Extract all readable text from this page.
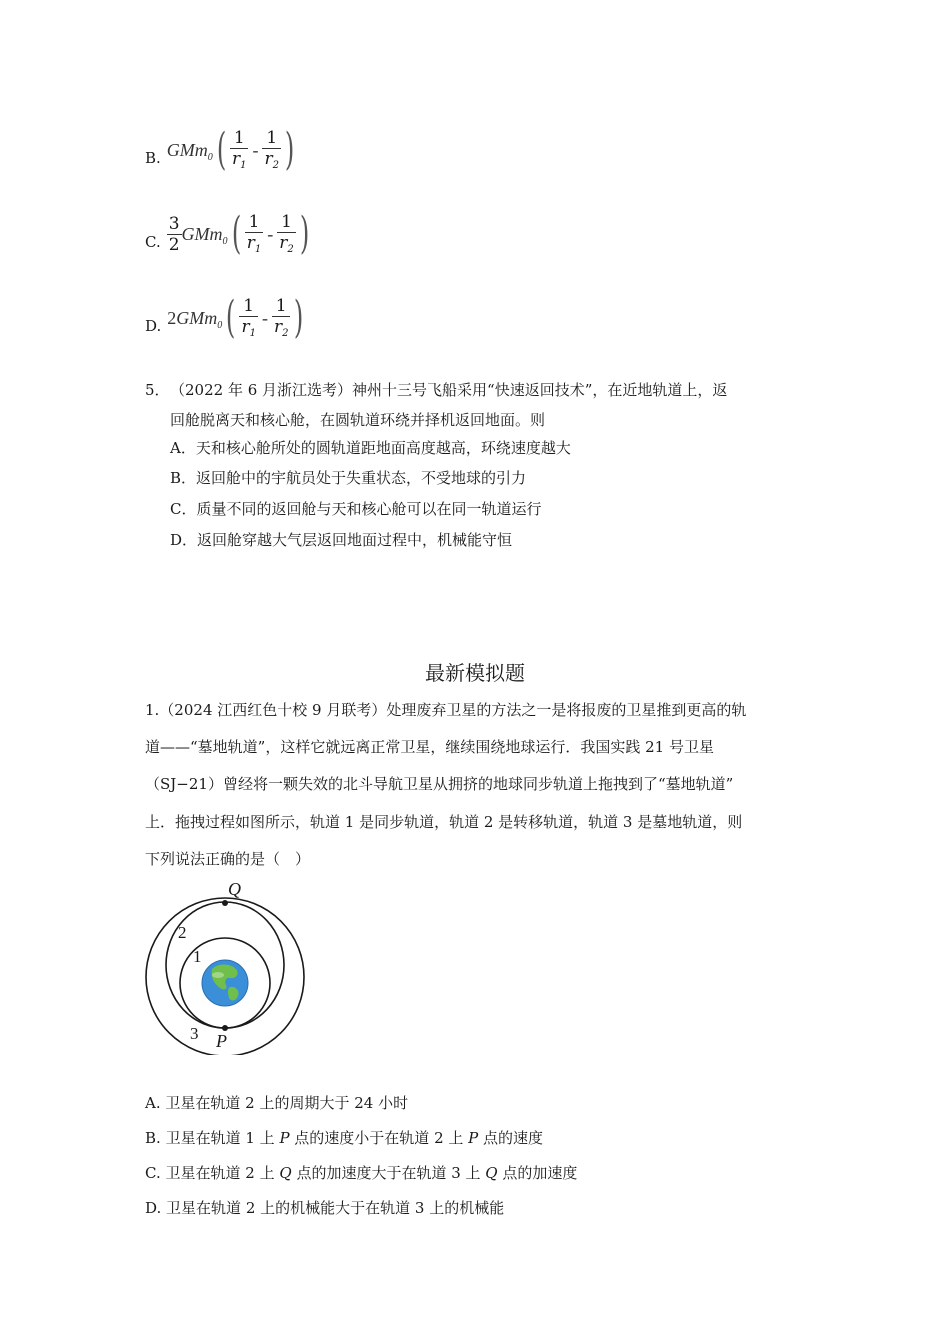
B. GMm$_0$ ( $\frac{1}{r_1} - \frac{1}{r_2}$ )
C. $\frac{3}{2} GMm_0$ ( $\frac{1}{r_1} - \frac{1}{r_2}$ )
D. 2 GMm$_0$ ( $\frac{1}{r_1} - \frac{1}{r_2}$ )
5． （2022 年 6 月浙江选考）神州十三号飞船采用“快速返回技术”，在近地轨道上，返
回舱脱离天和核心舱，在圆轨道环绕并择机返回地面。则
A．天和核心舱所处的圆轨道距地面高度越高，环绕速度越大
B．返回舱中的宇航员处于失重状态，不受地球的引力
C．质量不同的返回舱与天和核心舱可以在同一轨道运行
D．返回舱穿越大气层返回地面过程中，机械能守恒
最新模拟题
1.（2024 江西红色十校 9 月联考）处理废弃卫星的方法之一是将报废的卫星推到更高的轨
道——“墓地轨道”，这样它就远离正常卫星，继续围绕地球运行．我国实践 21 号卫星
（SJ−21）曾经将一颗失效的北斗导航卫星从拥挤的地球同步轨道上拖拽到了“墓地轨道”
上．拖拽过程如图所示，轨道 1 是同步轨道，轨道 2 是转移轨道，轨道 3 是墓地轨道，则
下列说法正确的是（　）
Q
P
2
1
3
A. 卫星在轨道 2 上的周期大于 24 小时
B. 卫星在轨道 1 上 P 点的速度小于在轨道 2 上 P 点的速度
C. 卫星在轨道 2 上 Q 点的加速度大于在轨道 3 上 Q 点的加速度
D. 卫星在轨道 2 上的机械能大于在轨道 3 上的机械能
